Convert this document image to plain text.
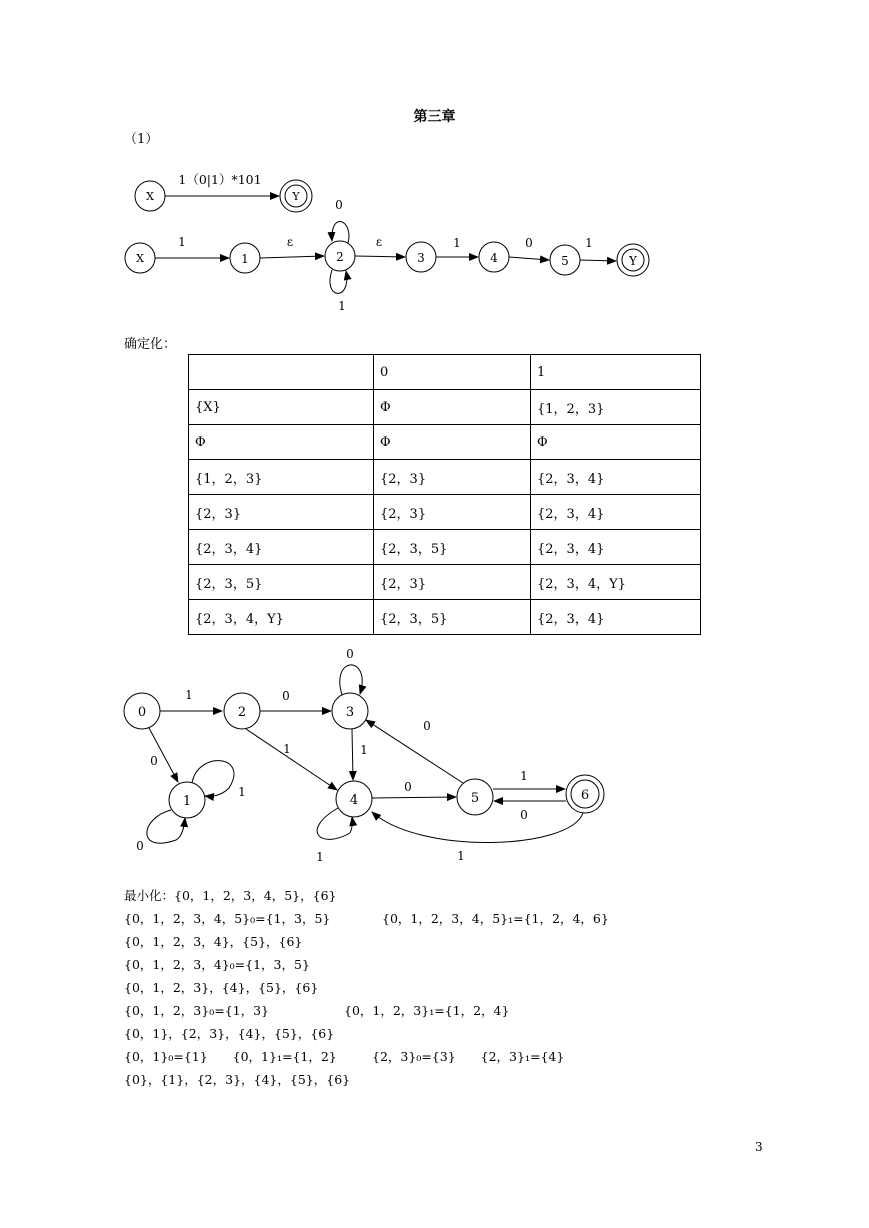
第三章
（1）
X	Y
1（0|1）*101
X	1	2	3	4	5	Y
1	ε	ε	1	0	1
0
1
确定化：
	0	1
{X}	Φ	{1，2，3}
Φ	Φ	Φ
{1，2，3}	{2，3}	{2，3，4}
{2，3}	{2，3}	{2，3，4}
{2，3，4}	{2，3，5}	{2，3，4}
{2，3，5}	{2，3}	{2，3，4，Y}
{2，3，4，Y}	{2，3，5}	{2，3，4}
0
1
2	3
4	5	6
1
0
1
0
0
1
0
1
1
0
0
1
0
1
最小化：{0，1，2，3，4，5}，{6}
{0，1，2，3，4，5}₀={1，3，5}	{0，1，2，3，4，5}₁={1，2，4，6}
{0，1，2，3，4}，{5}，{6}
{0，1，2，3，4}₀={1，3，5}
{0，1，2，3}，{4}，{5}，{6}
{0，1，2，3}₀={1，3}	{0，1，2，3}₁={1，2，4}
{0，1}，{2，3}，{4}，{5}，{6}
{0，1}₀={1}　　{0，1}₁={1，2}	{2，3}₀={3}　　{2，3}₁={4}
{0}，{1}，{2，3}，{4}，{5}，{6}
3
